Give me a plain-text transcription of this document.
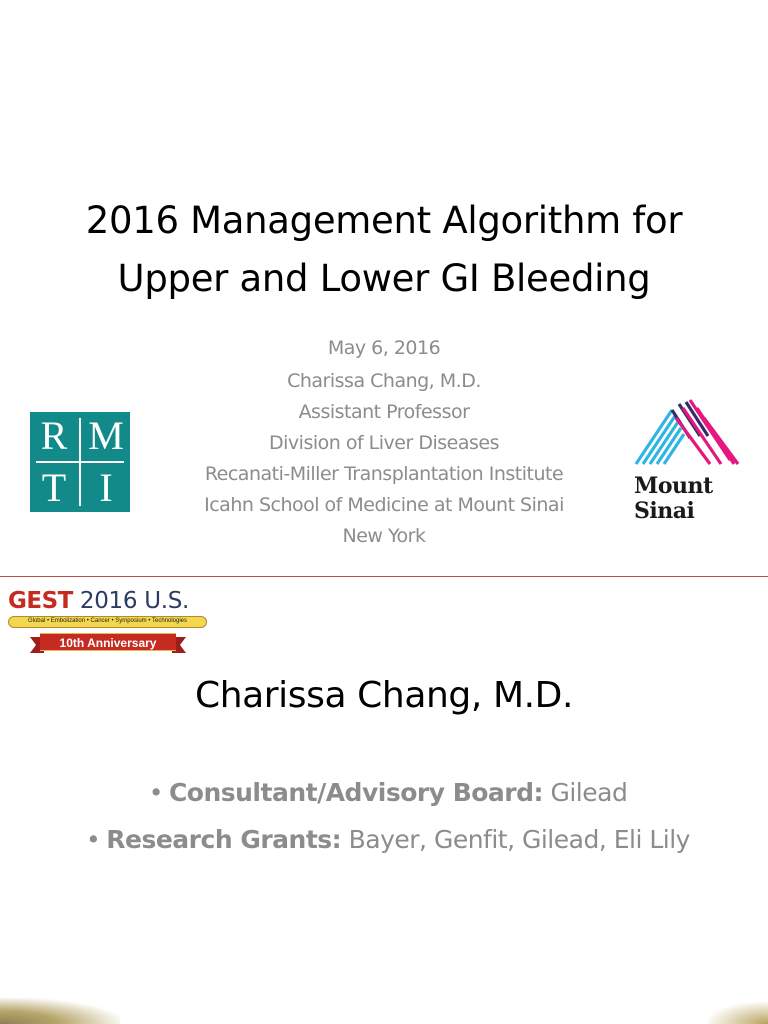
2016 Management Algorithm for
Upper and Lower GI Bleeding
May 6, 2016
Charissa Chang, M.D.
Assistant Professor
Division of Liver Diseases
Recanati-Miller Transplantation Institute
Icahn School of Medicine at Mount Sinai
New York
R M
T I	Mount
Sinai
GEST 2016 U.S.
Global • Embolization • Cancer • Symposium • Technologies
10th Anniversary
Charissa Chang, M.D.
• Consultant/Advisory Board: Gilead
• Research Grants: Bayer, Genfit, Gilead, Eli Lily
